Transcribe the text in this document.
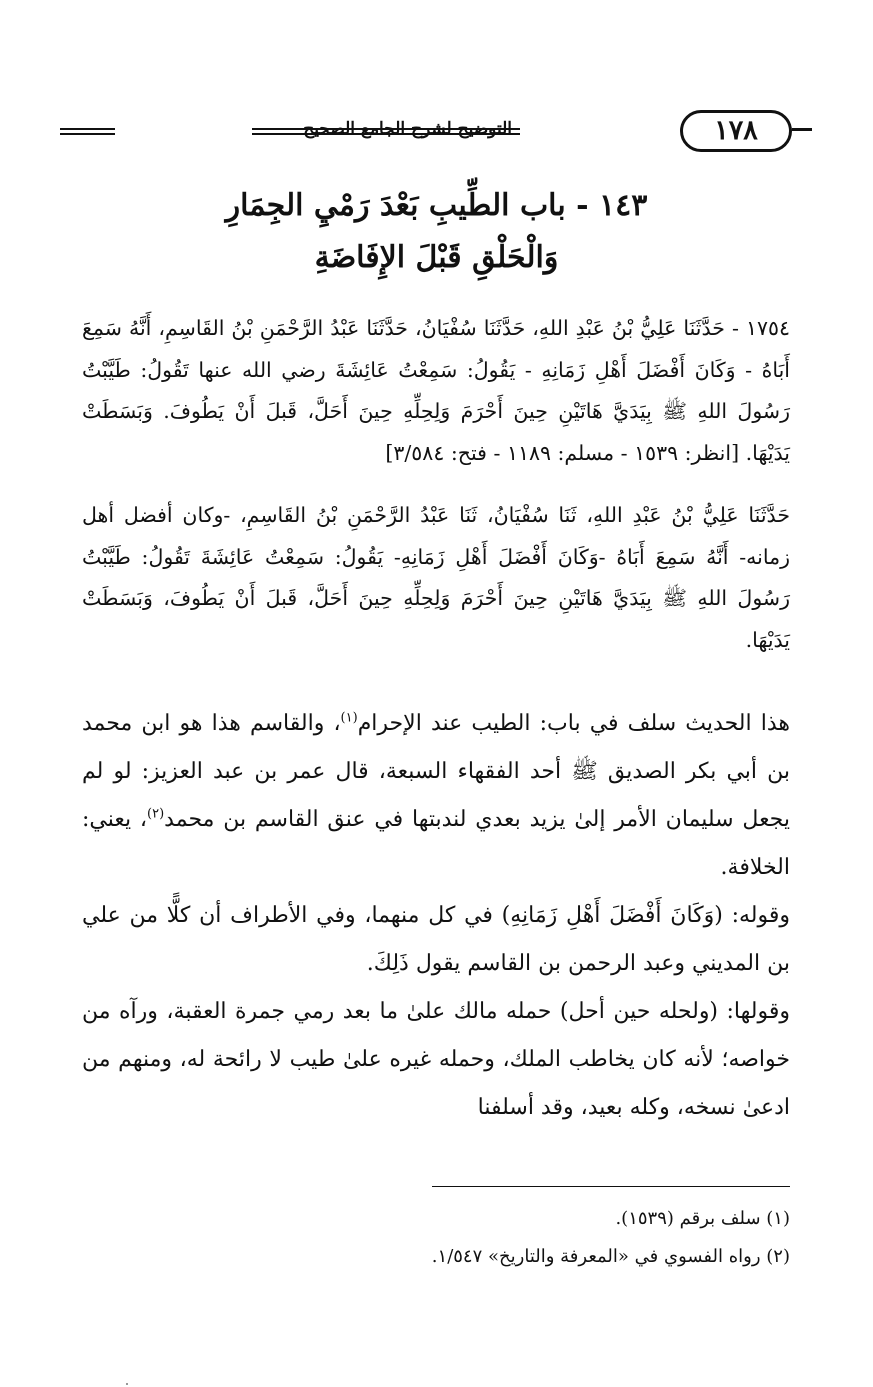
التوضيح لشرح الجامع الصحيح	١٧٨
١٤٣ - باب الطِّيبِ بَعْدَ رَمْيِ الجِمَارِ
وَالْحَلْقِ قَبْلَ الإِفَاضَةِ

١٧٥٤ - حَدَّثَنَا عَلِيُّ بْنُ عَبْدِ اللهِ، حَدَّثَنَا سُفْيَانُ، حَدَّثَنَا عَبْدُ الرَّحْمَنِ بْنُ القَاسِمِ، أَنَّهُ سَمِعَ أَبَاهُ - وَكَانَ أَفْضَلَ أَهْلِ زَمَانِهِ - يَقُولُ: سَمِعْتُ عَائِشَةَ رضي الله عنها تَقُولُ: طَيَّبْتُ رَسُولَ اللهِ ﷺ بِيَدَيَّ هَاتَيْنِ حِينَ أَحْرَمَ وَلِحِلِّهِ حِينَ أَحَلَّ، قَبلَ أَنْ يَطُوفَ. وَبَسَطَتْ يَدَيْهَا. [انظر: ١٥٣٩ - مسلم: ١١٨٩ - فتح: ٣/٥٨٤]

حَدَّثَنَا عَلِيُّ بْنُ عَبْدِ اللهِ، ثَنَا سُفْيَانُ، ثَنَا عَبْدُ الرَّحْمَنِ بْنُ القَاسِمِ، -وكان أفضل أهل زمانه- أَنَّهُ سَمِعَ أَبَاهُ -وَكَانَ أَفْضَلَ أَهْلِ زَمَانِهِ- يَقُولُ: سَمِعْتُ عَائِشَةَ تَقُولُ: طَيَّبْتُ رَسُولَ اللهِ ﷺ بِيَدَيَّ هَاتَيْنِ حِينَ أَحْرَمَ وَلِحِلِّهِ حِينَ أَحَلَّ، قَبلَ أَنْ يَطُوفَ، وَبَسَطَتْ يَدَيْهَا.

هذا الحديث سلف في باب: الطيب عند الإحرام$^{(١)}$، والقاسم هذا هو ابن محمد بن أبي بكر الصديق ﷺ أحد الفقهاء السبعة، قال عمر بن عبد العزيز: لو لم يجعل سليمان الأمر إلىٰ يزيد بعدي لندبتها في عنق القاسم بن محمد$^{(٢)}$، يعني: الخلافة.

وقوله: (وَكَانَ أَفْضَلَ أَهْلِ زَمَانِهِ) في كل منهما، وفي الأطراف أن كلًّا من علي بن المديني وعبد الرحمن بن القاسم يقول ذَلِكَ.

وقولها: (ولحله حين أحل) حمله مالك علىٰ ما بعد رمي جمرة العقبة، ورآه من خواصه؛ لأنه كان يخاطب الملك، وحمله غيره علىٰ طيب لا رائحة له، ومنهم من ادعىٰ نسخه، وكله بعيد، وقد أسلفنا

(١) سلف برقم (١٥٣٩).
(٢) رواه الفسوي في «المعرفة والتاريخ» ١/٥٤٧.
